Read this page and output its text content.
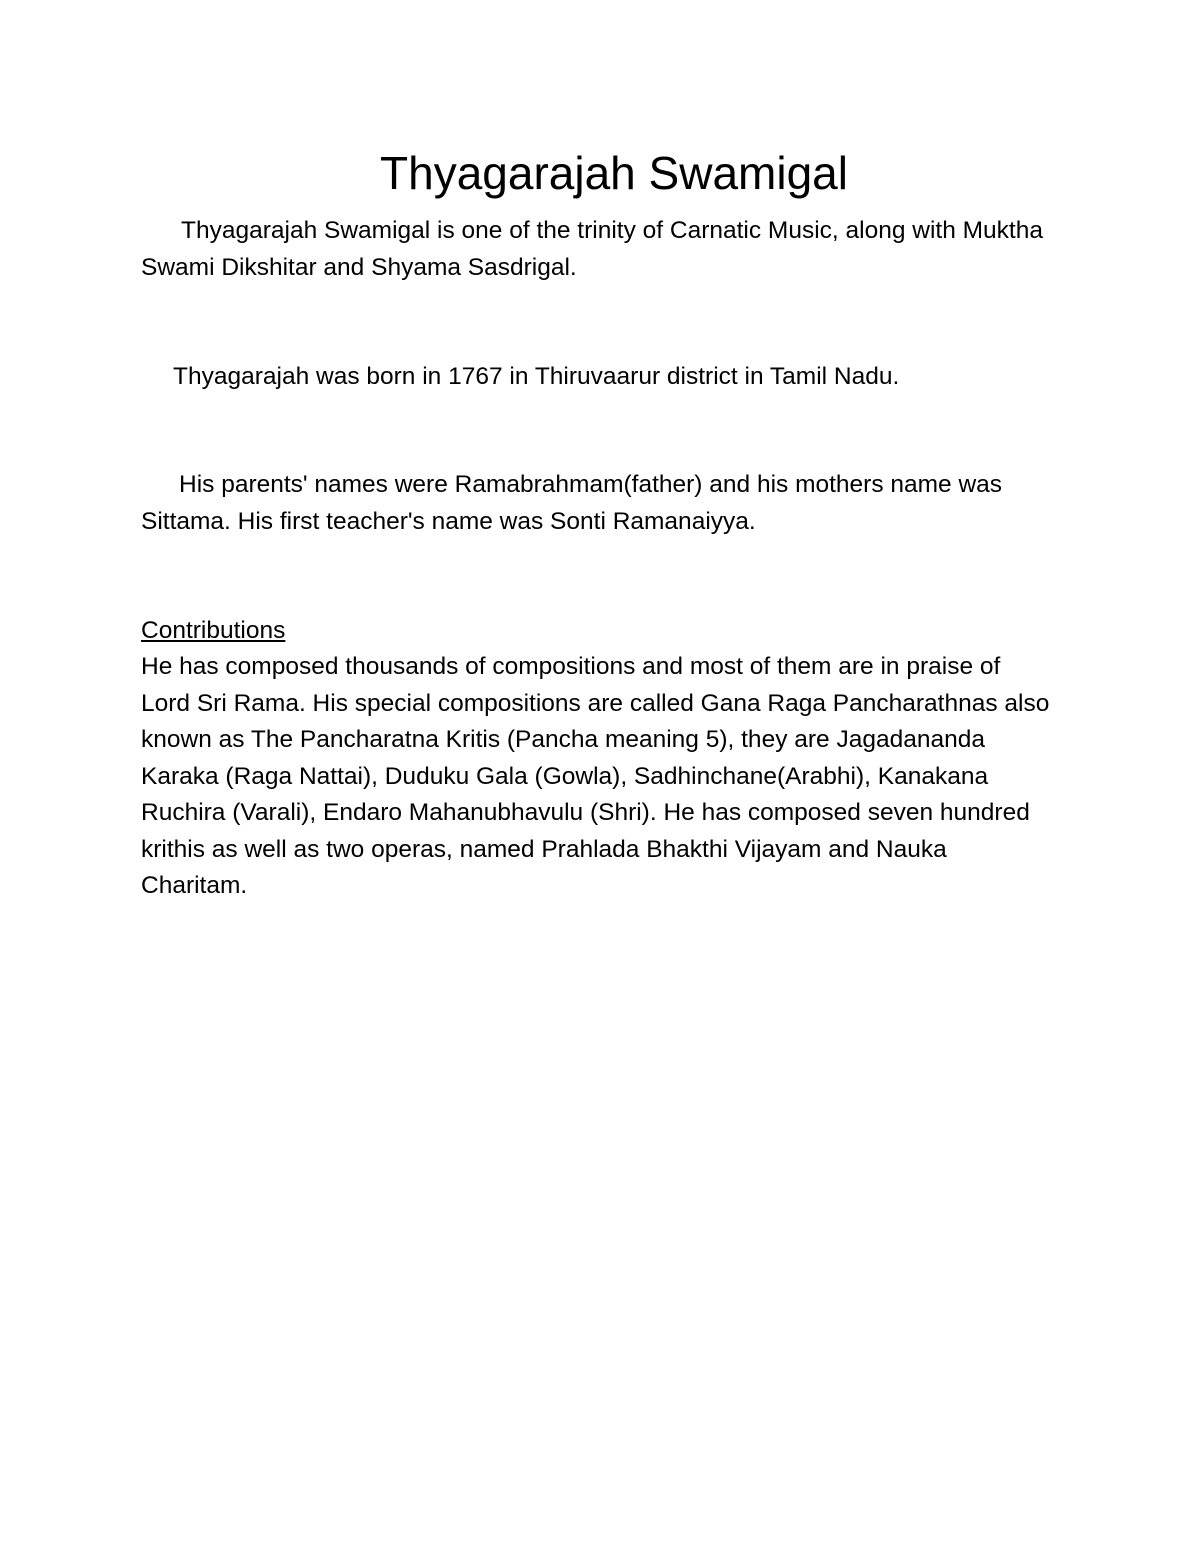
Thyagarajah Swamigal

Thyagarajah Swamigal is one of the trinity of Carnatic Music, along with Muktha Swami Dikshitar and Shyama Sasdrigal.

Thyagarajah was born in 1767 in Thiruvaarur district in Tamil Nadu.

His parents' names were Ramabrahmam(father) and his mothers name was Sittama. His first teacher's name was Sonti Ramanaiyya.

Contributions

He has composed thousands of compositions and most of them are in praise of Lord Sri Rama. His special compositions are called Gana Raga Pancharathnas also known as The Pancharatna Kritis (Pancha meaning 5), they are Jagadananda Karaka (Raga Nattai), Duduku Gala (Gowla), Sadhinchane(Arabhi), Kanakana Ruchira (Varali), Endaro Mahanubhavulu (Shri). He has composed seven hundred krithis as well as two operas, named Prahlada Bhakthi Vijayam and Nauka Charitam.
